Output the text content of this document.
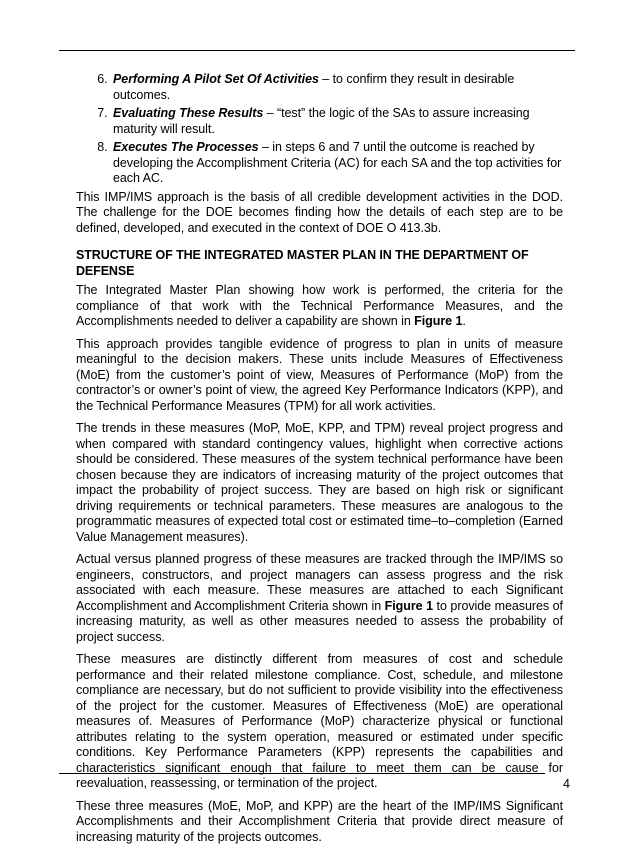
6. Performing A Pilot Set Of Activities – to confirm they result in desirable outcomes.
7. Evaluating These Results – “test” the logic of the SAs to assure increasing maturity will result.
8. Executes The Processes – in steps 6 and 7 until the outcome is reached by developing the Accomplishment Criteria (AC) for each SA and the top activities for each AC.

This IMP/IMS approach is the basis of all credible development activities in the DOD. The challenge for the DOE becomes finding how the details of each step are to be defined, developed, and executed in the context of DOE O 413.3b.

STRUCTURE OF THE INTEGRATED MASTER PLAN IN THE DEPARTMENT OF DEFENSE

The Integrated Master Plan showing how work is performed, the criteria for the compliance of that work with the Technical Performance Measures, and the Accomplishments needed to deliver a capability are shown in Figure 1.

This approach provides tangible evidence of progress to plan in units of measure meaningful to the decision makers. These units include Measures of Effectiveness (MoE) from the customer’s point of view, Measures of Performance (MoP) from the contractor’s or owner’s point of view, the agreed Key Performance Indicators (KPP), and the Technical Performance Measures (TPM) for all work activities.

The trends in these measures (MoP, MoE, KPP, and TPM) reveal project progress and when compared with standard contingency values, highlight when corrective actions should be considered. These measures of the system technical performance have been chosen because they are indicators of increasing maturity of the project outcomes that impact the probability of project success. They are based on high risk or significant driving requirements or technical parameters. These measures are analogous to the programmatic measures of expected total cost or estimated time–to–completion (Earned Value Management measures).

Actual versus planned progress of these measures are tracked through the IMP/IMS so engineers, constructors, and project managers can assess progress and the risk associated with each measure. These measures are attached to each Significant Accomplishment and Accomplishment Criteria shown in Figure 1 to provide measures of increasing maturity, as well as other measures needed to assess the probability of project success.

These measures are distinctly different from measures of cost and schedule performance and their related milestone compliance. Cost, schedule, and milestone compliance are necessary, but do not sufficient to provide visibility into the effectiveness of the project for the customer. Measures of Effectiveness (MoE) are operational measures of. Measures of Performance (MoP) characterize physical or functional attributes relating to the system operation, measured or estimated under specific conditions. Key Performance Parameters (KPP) represents the capabilities and characteristics significant enough that failure to meet them can be cause for reevaluation, reassessing, or termination of the project.

These three measures (MoE, MoP, and KPP) are the heart of the IMP/IMS Significant Accomplishments and their Accomplishment Criteria that provide direct measure of increasing maturity of the projects outcomes.

4
